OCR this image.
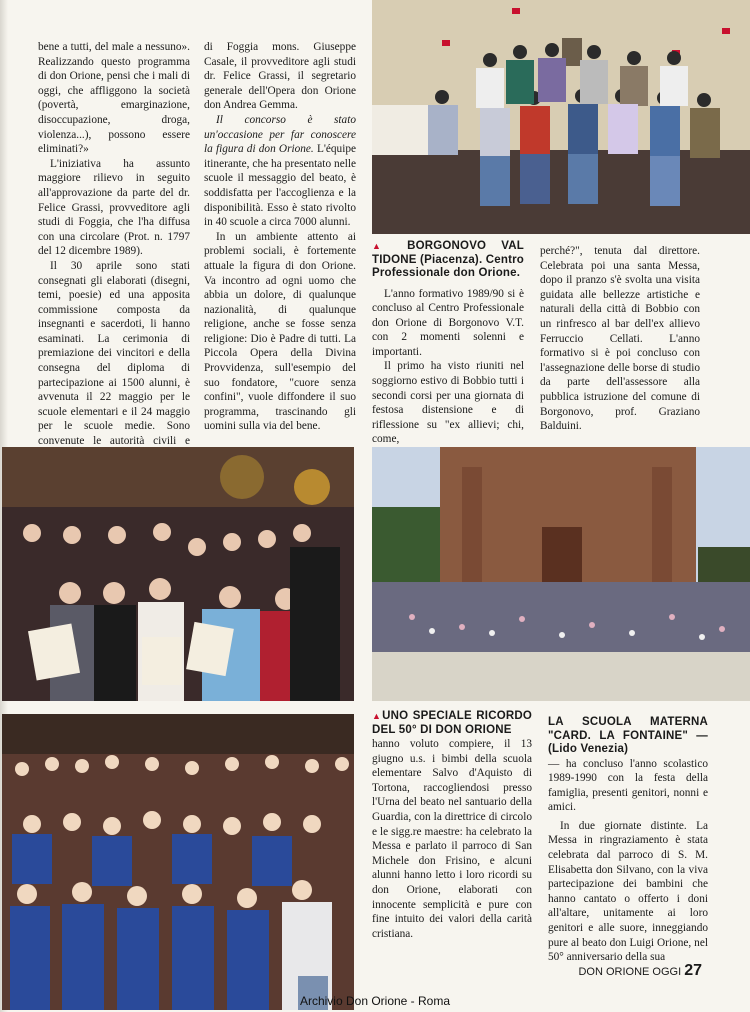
bene a tutti, del male a nessuno». Realizzando questo programma di don Orione, pensi che i mali di oggi, che affliggono la società (povertà, emarginazione, disoccupazione, droga, violenza...), possono essere eliminati?»

L'iniziativa ha assunto maggiore rilievo in seguito all'approvazione da parte del dr. Felice Grassi, provveditore agli studi di Foggia, che l'ha diffusa con una circolare (Prot. n. 1797 del 12 dicembre 1989).

Il 30 aprile sono stati consegnati gli elaborati (disegni, temi, poesie) ed una apposita commissione composta da insegnanti e sacerdoti, li hanno esaminati. La cerimonia di premiazione dei vincitori e della consegna del diploma di partecipazione ai 1500 alunni, è avvenuta il 22 maggio per le scuole elementari e il 24 maggio per le scuole medie. Sono convenute le autorità civili e

di Foggia mons. Giuseppe Casale, il provveditore agli studi dr. Felice Grassi, il segretario generale dell'Opera don Orione don Andrea Gemma.

Il concorso è stato un'occasione per far conoscere la figura di don Orione. L'équipe itinerante, che ha presentato nelle scuole il messaggio del beato, è soddisfatta per l'accoglienza e la disponibilità. Esso è stato rivolto in 40 scuole a circa 7000 alunni.

In un ambiente attento ai problemi sociali, è fortemente attuale la figura di don Orione. Va incontro ad ogni uomo che abbia un dolore, di qualunque nazionalità, di qualunque religione, anche se fosse senza religione: Dio è Padre di tutti. La Piccola Opera della Divina Provvidenza, sull'esempio del suo fondatore, "cuore senza confini", vuole diffondere il suo programma, trascinando gli uomini sulla via del bene.

▲ BORGONOVO VAL TIDONE (Piacenza). Centro Professionale don Orione.

L'anno formativo 1989/90 si è concluso al Centro Professionale don Orione di Borgonovo V.T. con 2 momenti solenni e importanti.

Il primo ha visto riuniti nel soggiorno estivo di Bobbio tutti i secondi corsi per una giornata di festosa distensione e di riflessione su "ex allievi; chi, come,

perché?", tenuta dal direttore. Celebrata poi una santa Messa, dopo il pranzo s'è svolta una visita guidata alle bellezze artistiche e naturali della città di Bobbio con un rinfresco al bar dell'ex allievo Ferruccio Cellati. L'anno formativo si è poi concluso con l'assegnazione delle borse di studio da parte dell'assessore alla pubblica istruzione del comune di Borgonovo, prof. Graziano Balduini.

▲UNO SPECIALE RICORDO DEL 50° DI DON ORIONE

hanno voluto compiere, il 13 giugno u.s. i bimbi della scuola elementare Salvo d'Aquisto di Tortona, raccogliendosi presso l'Urna del beato nel santuario della Guardia, con la direttrice di circolo e le sigg.re maestre: ha celebrato la Messa e parlato il parroco di San Michele don Frisino, e alcuni alunni hanno letto i loro ricordi su don Orione, elaborati con innocente semplicità e pure con fine intuito dei valori della carità cristiana.

LA SCUOLA MATERNA "CARD. LA FONTAINE" — (Lido Venezia)

— ha concluso l'anno scolastico 1989-1990 con la festa della famiglia, presenti genitori, nonni e amici.

In due giornate distinte. La Messa in ringraziamento è stata celebrata dal parroco di S. M. Elisabetta don Silvano, con la viva partecipazione dei bambini che hanno cantato o offerto i doni all'altare, unitamente ai loro genitori e alle suore, inneggiando pure al beato don Luigi Orione, nel 50° anniversario della sua

DON ORIONE OGGI 27
Archivio Don Orione - Roma
